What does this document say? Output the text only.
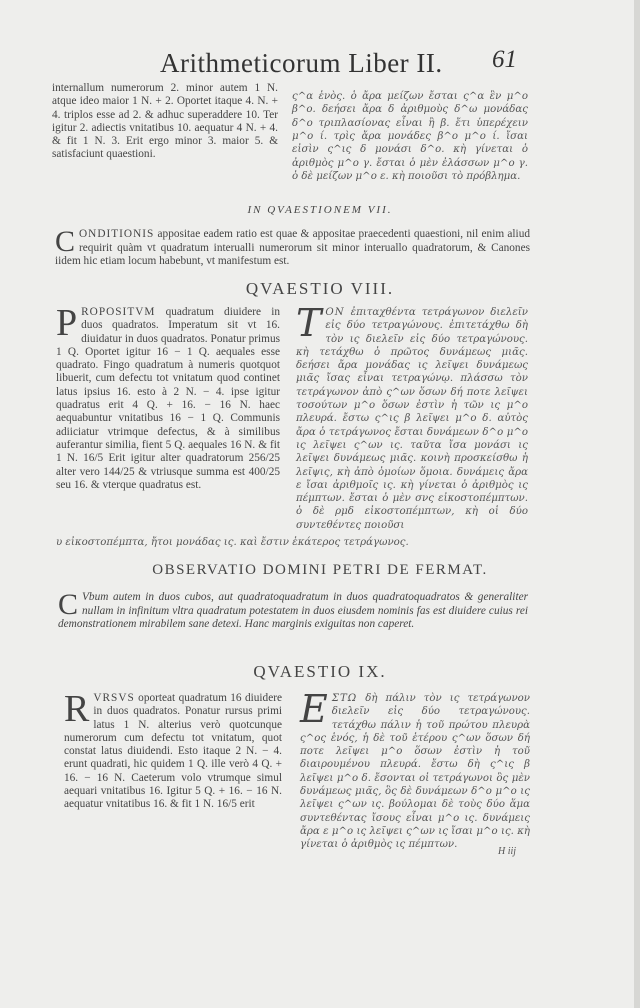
Arithmeticorum Liber II. 61

internallum numerorum 2. minor autem 1 N. atque ideo maior 1 N. + 2. Oportet itaque 4. N. + 4. triplos esse ad 2. & adhuc superaddere 10. Ter igitur 2. adiectis vnitatibus 10. aequatur 4 N. + 4. & fit 1 N. 3. Erit ergo minor 3. maior 5. & satisfaciunt quaestioni.

ς^α ἑνὸς. ὁ ἄρα μείζων ἔσται ς^α ἓν μ^ο β^ο. δεήσει ἄρα δ ἀριθμοὺς δ^ω μονάδας δ^ο τριπλασίονας εἶναι ἢ β. ἔτι ὑπερέχειν μ^ο ί. τρὶς ἄρα μονάδες β^ο μ^ο ί. ἴσαι εἰσὶν ς^ις δ μονάσι δ^ο. κὴ γίνεται ὁ ἀριθμὸς μ^ο γ. ἔσται ὁ μὲν ἐλάσσων μ^ο γ. ὁ δὲ μείζων μ^ο ε. κὴ ποιοῦσι τὸ πρόβλημα.

IN QVAESTIONEM VII.
CONDITIONIS appositae eadem ratio est quae & appositae praecedenti quaestioni, nil enim aliud requirit quàm vt quadratum interualli numerorum sit minor interuallo quadratorum, & Canones iidem hic etiam locum habebunt, vt manifestum est.
QVAESTIO VIII.
PROPOSITVM quadratum diuidere in duos quadratos. Imperatum sit vt 16. diuidatur in duos quadratos. Ponatur primus 1 Q. Oportet igitur 16 − 1 Q. aequales esse quadrato. Fingo quadratum à numeris quotquot libuerit, cum defectu tot vnitatum quod continet latus ipsius 16. esto à 2 N. − 4. ipse igitur quadratus erit 4 Q. + 16. − 16 N. haec aequabuntur vnitatibus 16 − 1 Q. Communis adiiciatur vtrimque defectus, & à similibus auferantur similia, fient 5 Q. aequales 16 N. & fit 1 N. 16/5 Erit igitur alter quadratorum 256/25 alter vero 144/25 & vtriusque summa est 400/25 seu 16. & vterque quadratus est.
TΟΝ ἐπιταχθέντα τετράγωνον διελεῖν εἰς δύο τετραγώνους. ἐπιτετάχθω δὴ τὸν ις διελεῖν εἰς δύο τετραγώνους. κὴ τετάχθω ὁ πρῶτος δυνάμεως μιᾶς. δεήσει ἄρα μονάδας ις λεῖψει δυνάμεως μιᾶς ἴσας εἶναι τετραγώνῳ. πλάσσω τὸν τετράγωνον ἀπὸ ς^ων ὅσων δή ποτε λεῖψει τοσούτων μ^ο ὅσων ἐστὶν ἡ τῶν ις μ^ο πλευρά. ἔστω ς^ις β λεῖψει μ^ο δ. αὐτὸς ἄρα ὁ τετράγωνος ἔσται δυνάμεων δ^ο μ^ο ις λεῖψει ς^ων ις. ταῦτα ἴσα μονάσι ις λεῖψει δυνάμεως μιᾶς. κοινὴ προσκείσθω ἡ λεῖψις, κὴ ἀπὸ ὁμοίων ὅμοια. δυνάμεις ἄρα ε ἴσαι ἀριθμοῖς ις. κὴ γίνεται ὁ ἀριθμὸς ις πέμπτων. ἔσται ὁ μὲν σνς εἰκοστοπέμπτων. ὁ δὲ ρμδ εἰκοστοπέμπτων, κὴ οἱ δύο συντεθέντες ποιοῦσι
υ εἰκοστοπέμπτα, ἤτοι μονάδας ις. καὶ ἔστιν ἑκάτερος τετράγωνος.
OBSERVATIO DOMINI PETRI DE FERMAT.
C Vbum autem in duos cubos, aut quadratoquadratum in duos quadratoquadratos & generaliter nullam in infinitum vltra quadratum potestatem in duos eiusdem nominis fas est diuidere cuius rei demonstrationem mirabilem sane detexi. Hanc marginis exiguitas non caperet.
QVAESTIO IX.
RVRSVS oporteat quadratum 16 diuidere in duos quadratos. Ponatur rursus primi latus 1 N. alterius verò quotcunque numerorum cum defectu tot vnitatum, quot constat latus diuidendi. Esto itaque 2 N. − 4. erunt quadrati, hic quidem 1 Q. ille verò 4 Q. + 16. − 16 N. Caeterum volo vtrumque simul aequari vnitatibus 16. Igitur 5 Q. + 16. − 16 N. aequatur vnitatibus 16. & fit 1 N. 16/5 erit
EΣΤΩ δὴ πάλιν τὸν ις τετράγωνον διελεῖν εἰς δύο τετραγώνους. τετάχθω πάλιν ἡ τοῦ πρώτου πλευρὰ ς^ος ἑνός, ἡ δὲ τοῦ ἑτέρου ς^ων ὅσων δή ποτε λεῖψει μ^ο ὅσων ἐστὶν ἡ τοῦ διαιρουμένου πλευρά. ἔστω δὴ ς^ις β λεῖψει μ^ο δ. ἔσονται οἱ τετράγωνοι ὃς μὲν δυνάμεως μιᾶς, ὃς δὲ δυνάμεων δ^ο μ^ο ις λεῖψει ς^ων ις. βούλομαι δὲ τοὺς δύο ἅμα συντεθέντας ἴσους εἶναι μ^ο ις. δυνάμεις ἄρα ε μ^ο ις λεῖψει ς^ων ις ἴσαι μ^ο ις. κὴ γίνεται ὁ ἀριθμὸς ις πέμπτων.
H iij
